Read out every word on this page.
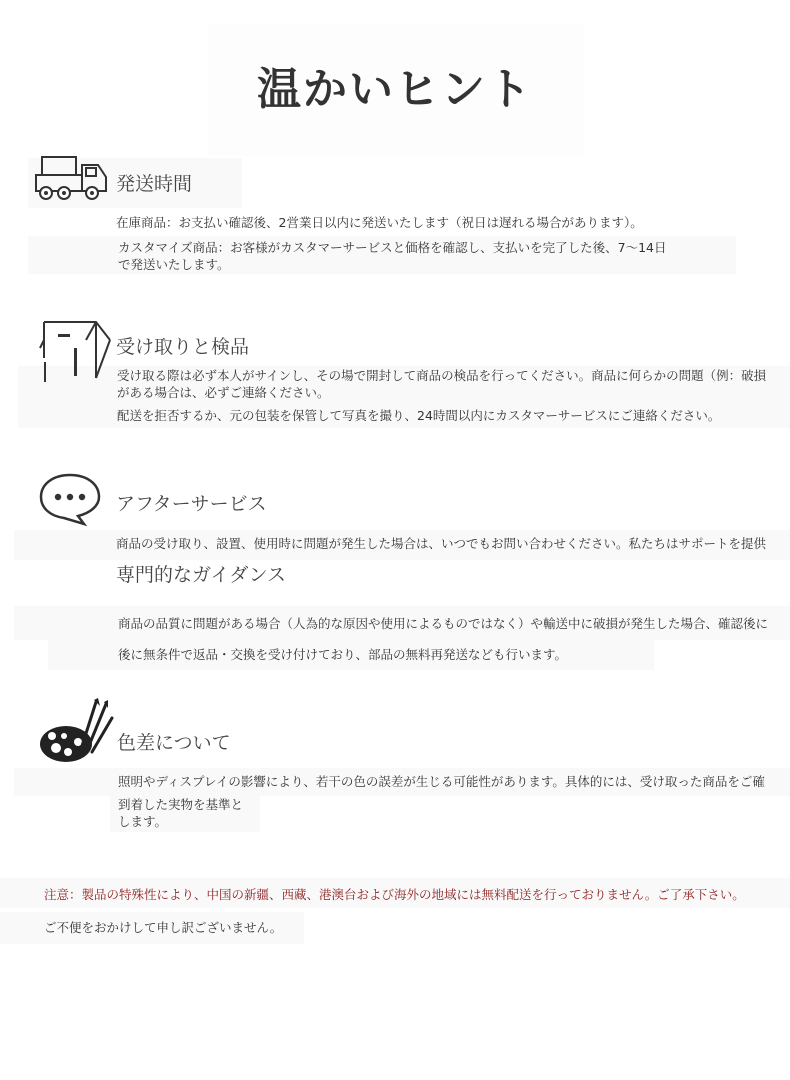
温かいヒント
発送時間
在庫商品：お支払い確認後、2営業日以内に発送いたします（祝日は遅れる場合があります）。
カスタマイズ商品：お客様がカスタマーサービスと価格を確認し、支払いを完了した後、7〜14日
で発送いたします。
受け取りと検品
受け取る際は必ず本人がサインし、その場で開封して商品の検品を行ってください。商品に何らかの問題（例：破損
がある場合は、必ずご連絡ください。
配送を拒否するか、元の包装を保管して写真を撮り、24時間以内にカスタマーサービスにご連絡ください。
アフターサービス
商品の受け取り、設置、使用時に問題が発生した場合は、いつでもお問い合わせください。私たちはサポートを提供
専門的なガイダンス
商品の品質に問題がある場合（人為的な原因や使用によるものではなく）や輸送中に破損が発生した場合、確認後に
後に無条件で返品・交換を受け付けており、部品の無料再発送なども行います。
色差について
照明やディスプレイの影響により、若干の色の誤差が生じる可能性があります。具体的には、受け取った商品をご確
到着した実物を基準と
します。
注意：製品の特殊性により、中国の新疆、西藏、港澳台および海外の地域には無料配送を行っておりません。ご了承下さい。
ご不便をおかけして申し訳ございません。
